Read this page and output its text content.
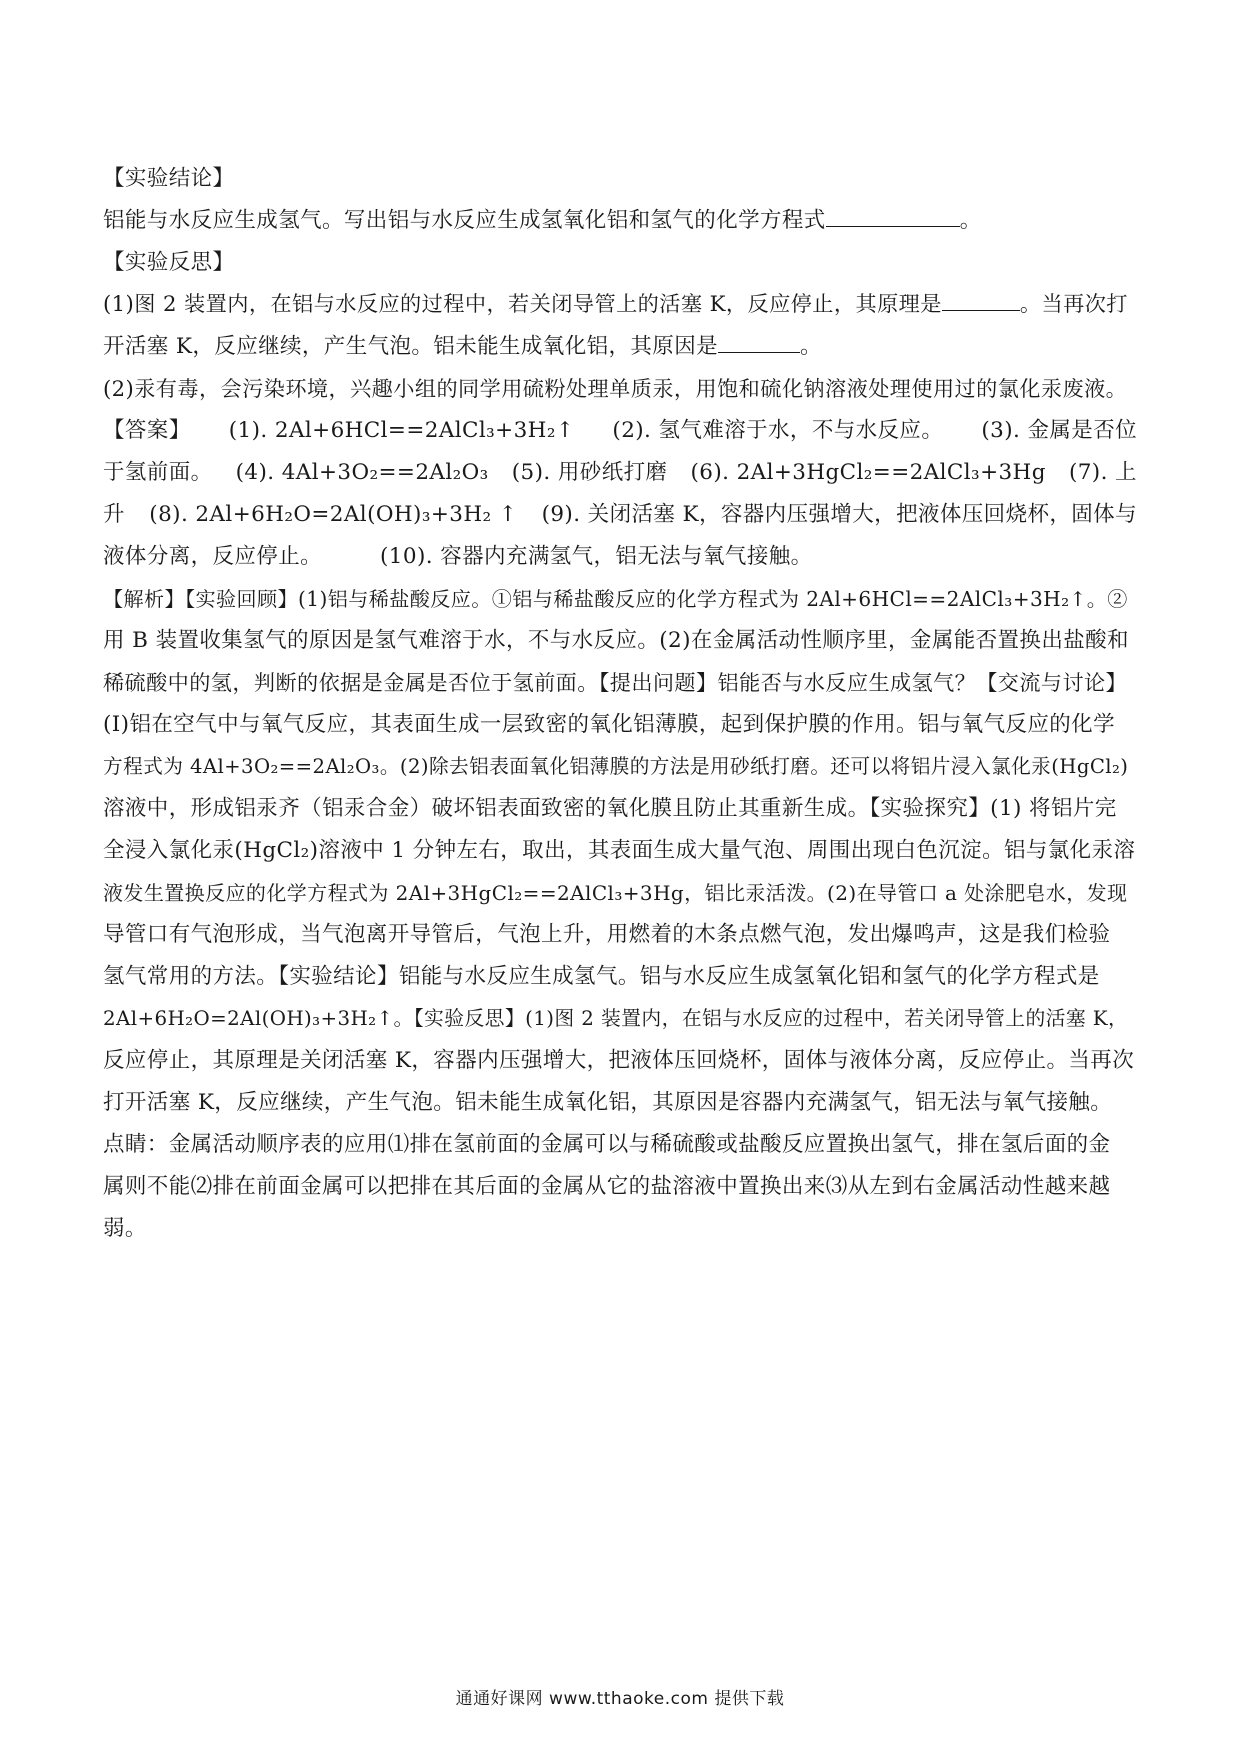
【实验结论】
铝能与水反应生成氢气。写出铝与水反应生成氢氧化铝和氢气的化学方程式	。
【实验反思】
(1)图 2 装置内，在铝与水反应的过程中，若关闭导管上的活塞 K，反应停止，其原理是	。当再次打
开活塞 K，反应继续，产生气泡。铝未能生成氧化铝，其原因是	。
(2)汞有毒，会污染环境，兴趣小组的同学用硫粉处理单质汞，用饱和硫化钠溶液处理使用过的氯化汞废液。
【答案】 (1). 2Al+6HCl==2AlCl₃+3H₂↑ (2). 氢气难溶于水，不与水反应。 (3). 金属是否位
于氢前面。 (4). 4Al+3O₂==2Al₂O₃ (5). 用砂纸打磨 (6). 2Al+3HgCl₂==2AlCl₃+3Hg (7). 上
升 (8). 2Al+6H₂O=2Al(OH)₃+3H₂ ↑ (9). 关闭活塞 K，容器内压强增大，把液体压回烧杯，固体与
液体分离，反应停止。	(10). 容器内充满氢气，铝无法与氧气接触。
【解析】【实验回顾】(1)铝与稀盐酸反应。①铝与稀盐酸反应的化学方程式为 2Al+6HCl==2AlCl₃+3H₂↑。②
用 B 装置收集氢气的原因是氢气难溶于水，不与水反应。(2)在金属活动性顺序里，金属能否置换出盐酸和
稀硫酸中的氢，判断的依据是金属是否位于氢前面。【提出问题】铝能否与水反应生成氢气？【交流与讨论】
(I)铝在空气中与氧气反应，其表面生成一层致密的氧化铝薄膜，起到保护膜的作用。铝与氧气反应的化学
方程式为 4Al+3O₂==2Al₂O₃。(2)除去铝表面氧化铝薄膜的方法是用砂纸打磨。还可以将铝片浸入氯化汞(HgCl₂)
溶液中，形成铝汞齐（铝汞合金）破坏铝表面致密的氧化膜且防止其重新生成。【实验探究】(1) 将铝片完
全浸入氯化汞(HgCl₂)溶液中 1 分钟左右，取出，其表面生成大量气泡、周围出现白色沉淀。铝与氯化汞溶
液发生置换反应的化学方程式为 2Al+3HgCl₂==2AlCl₃+3Hg，铝比汞活泼。(2)在导管口 a 处涂肥皂水，发现
导管口有气泡形成，当气泡离开导管后，气泡上升，用燃着的木条点燃气泡，发出爆鸣声，这是我们检验
氢气常用的方法。【实验结论】铝能与水反应生成氢气。铝与水反应生成氢氧化铝和氢气的化学方程式是
2Al+6H₂O=2Al(OH)₃+3H₂↑。【实验反思】(1)图 2 装置内，在铝与水反应的过程中，若关闭导管上的活塞 K，
反应停止，其原理是关闭活塞 K，容器内压强增大，把液体压回烧杯，固体与液体分离，反应停止。当再次
打开活塞 K，反应继续，产生气泡。铝未能生成氧化铝，其原因是容器内充满氢气，铝无法与氧气接触。
点睛：金属活动顺序表的应用⑴排在氢前面的金属可以与稀硫酸或盐酸反应置换出氢气，排在氢后面的金
属则不能⑵排在前面金属可以把排在其后面的金属从它的盐溶液中置换出来⑶从左到右金属活动性越来越
弱。
通通好课网 www.tthaoke.com 提供下载
